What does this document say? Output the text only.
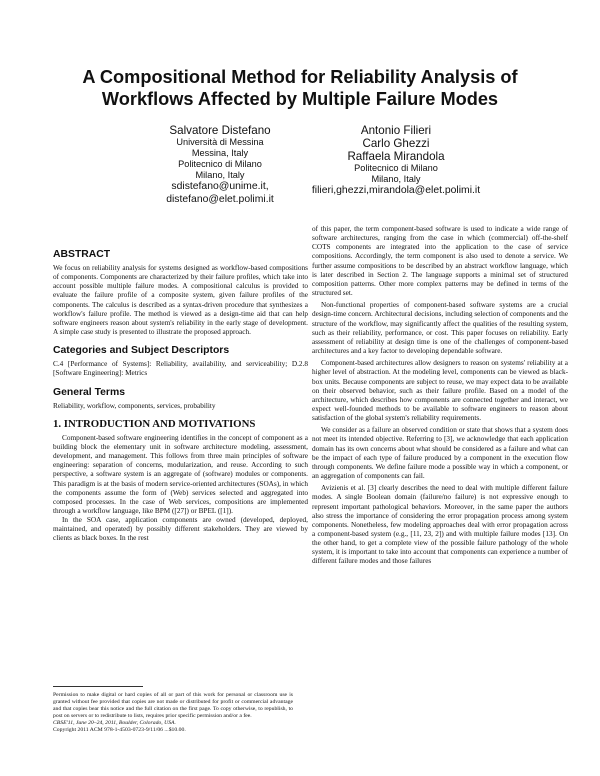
A Compositional Method for Reliability Analysis of Workflows Affected by Multiple Failure Modes
Salvatore Distefano
Università di Messina
Messina, Italy
Politecnico di Milano
Milano, Italy
sdistefano@unime.it,
distefano@elet.polimi.it
Antonio Filieri
Carlo Ghezzi
Raffaela Mirandola
Politecnico di Milano
Milano, Italy
filieri,ghezzi,mirandola@elet.polimi.it
ABSTRACT

We focus on reliability analysis for systems designed as workflow-based compositions of components. Components are characterized by their failure profiles, which take into account possible multiple failure modes. A compositional calculus is provided to evaluate the failure profile of a composite system, given failure profiles of the components. The calculus is described as a syntax-driven procedure that synthesizes a workflow's failure profile. The method is viewed as a design-time aid that can help software engineers reason about system's reliability in the early stage of development. A simple case study is presented to illustrate the proposed approach.

Categories and Subject Descriptors

C.4 [Performance of Systems]: Reliability, availability, and serviceability; D.2.8 [Software Engineering]: Metrics

General Terms

Reliability, workflow, components, services, probability

1. INTRODUCTION AND MOTIVATIONS

Component-based software engineering identifies in the concept of component as a building block the elementary unit in software architecture modeling, assessment, development, and management. This follows from three main principles of software engineering: separation of concerns, modularization, and reuse. According to such perspective, a software system is an aggregate of (software) modules or components. This paradigm is at the basis of modern service-oriented architectures (SOAs), in which the components assume the form of (Web) services selected and aggregated into composed processes. In the case of Web services, compositions are implemented through a workflow language, like BPM ([27]) or BPEL ([1]).

In the SOA case, application components are owned (developed, deployed, maintained, and operated) by possibly different stakeholders. They are viewed by clients as black boxes. In the rest

of this paper, the term component-based software is used to indicate a wide range of software architectures, ranging from the case in which (commercial) off-the-shelf COTS components are integrated into the application to the case of service compositions. Accordingly, the term component is also used to denote a service. We further assume compositions to be described by an abstract workflow language, which is later described in Section 2. The language supports a minimal set of structured composition patterns. Other more complex patterns may be defined in terms of the structured set.

Non-functional properties of component-based software systems are a crucial design-time concern. Architectural decisions, including selection of components and the structure of the workflow, may significantly affect the qualities of the resulting system, such as their reliability, performance, or cost. This paper focuses on reliability. Early assessment of reliability at design time is one of the challenges of component-based architectures and a key factor to developing dependable software.

Component-based architectures allow designers to reason on systems' reliability at a higher level of abstraction. At the modeling level, components can be viewed as black-box units. Because components are subject to reuse, we may expect data to be available on their observed behavior, such as their failure profile. Based on a model of the architecture, which describes how components are connected together and interact, we expect well-founded methods to be available to software engineers to reason about satisfaction of the global system's reliability requirements.

We consider as a failure an observed condition or state that shows that a system does not meet its intended objective. Referring to [3], we acknowledge that each application domain has its own concerns about what should be considered as a failure and what can be the impact of each type of failure produced by a component in the execution flow through components. We define failure mode a possible way in which a component, or an aggregation of components can fail.

Avizienis et al. [3] clearly describes the need to deal with multiple different failure modes. A single Boolean domain (failure/no failure) is not expressive enough to represent important pathological behaviors. Moreover, in the same paper the authors also stress the importance of considering the error propagation process among system components. Nonetheless, few modeling approaches deal with error propagation across a component-based system (e.g., [11, 23, 2]) and with multiple failure modes [13]. On the other hand, to get a complete view of the possible failure pathology of the whole system, it is important to take into account that components can experience a number of different failure modes and those failures

Permission to make digital or hard copies of all or part of this work for personal or classroom use is granted without fee provided that copies are not made or distributed for profit or commercial advantage and that copies bear this notice and the full citation on the first page. To copy otherwise, to republish, to post on servers or to redistribute to lists, requires prior specific permission and/or a fee.

CBSE'11, June 20–24, 2011, Boulder, Colorado, USA.

Copyright 2011 ACM 978-1-4503-0723-9/11/06 ...$10.00.
